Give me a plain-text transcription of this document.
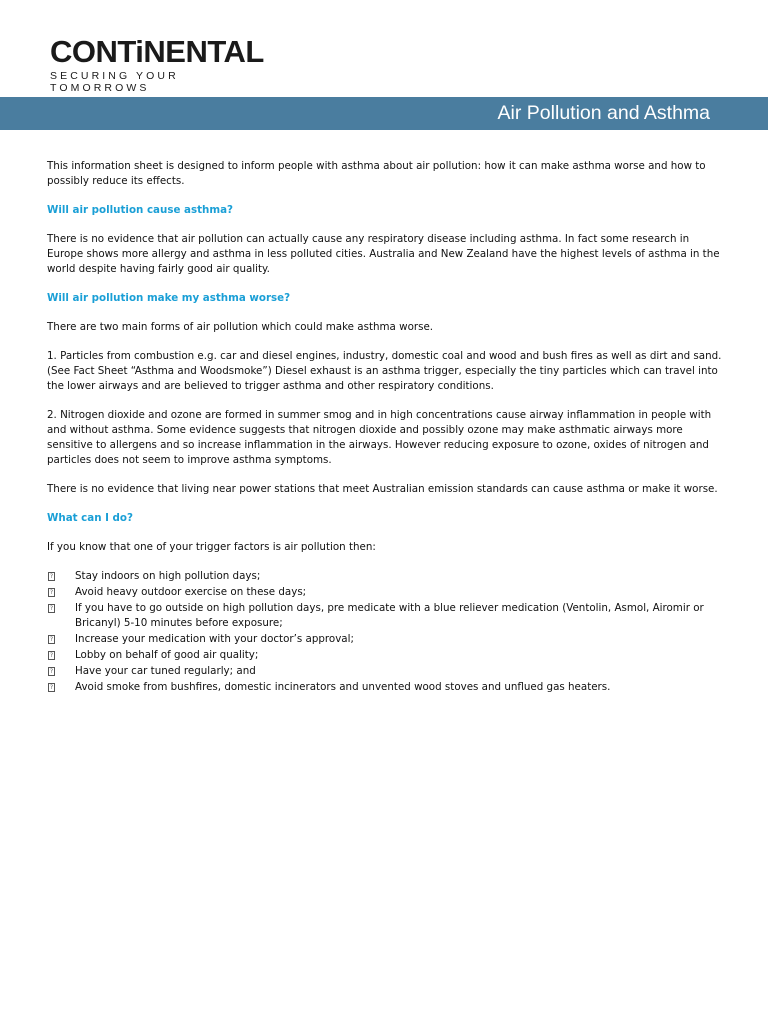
CONTiNENTAL
SECURING YOUR TOMORROWS
Air Pollution and Asthma

This information sheet is designed to inform people with asthma about air pollution: how it can make asthma worse and how to possibly reduce its effects.

Will air pollution cause asthma?

There is no evidence that air pollution can actually cause any respiratory disease including asthma. In fact some research in Europe shows more allergy and asthma in less polluted cities. Australia and New Zealand have the highest levels of asthma in the world despite having fairly good air quality.

Will air pollution make my asthma worse?

There are two main forms of air pollution which could make asthma worse.

1. Particles from combustion e.g. car and diesel engines, industry, domestic coal and wood and bush fires as well as dirt and sand. (See Fact Sheet “Asthma and Woodsmoke”) Diesel exhaust is an asthma trigger, especially the tiny particles which can travel into the lower airways and are believed to trigger asthma and other respiratory conditions.

2. Nitrogen dioxide and ozone are formed in summer smog and in high concentrations cause airway inflammation in people with and without asthma. Some evidence suggests that nitrogen dioxide and possibly ozone may make asthmatic airways more sensitive to allergens and so increase inflammation in the airways. However reducing exposure to ozone, oxides of nitrogen and particles does not seem to improve asthma symptoms.

There is no evidence that living near power stations that meet Australian emission standards can cause asthma or make it worse.

What can I do?

If you know that one of your trigger factors is air pollution then:

? Stay indoors on high pollution days;
? Avoid heavy outdoor exercise on these days;
? If you have to go outside on high pollution days, pre medicate with a blue reliever medication (Ventolin, Asmol, Airomir or Bricanyl) 5-10 minutes before exposure;
? Increase your medication with your doctor’s approval;
? Lobby on behalf of good air quality;
? Have your car tuned regularly; and
? Avoid smoke from bushfires, domestic incinerators and unvented wood stoves and unflued gas heaters.
